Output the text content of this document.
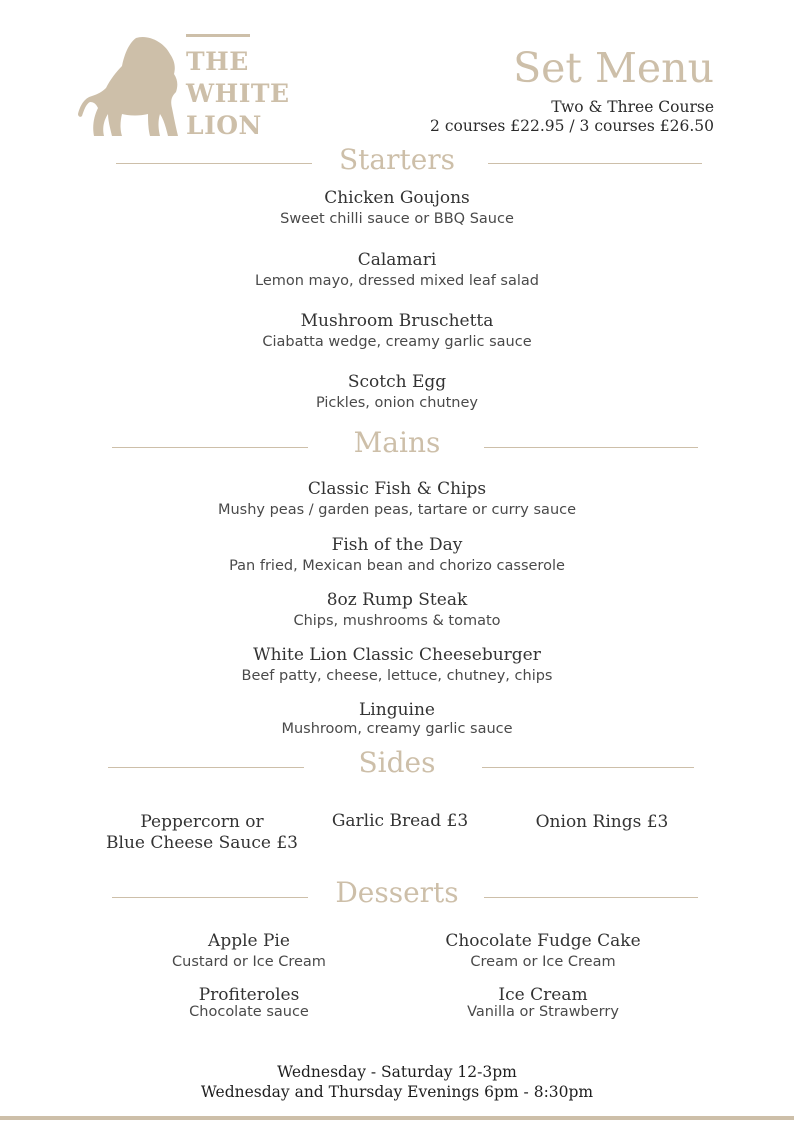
THE
WHITE
LION
Set Menu
Two & Three Course
2 courses £22.95 / 3 courses £26.50
Starters
Chicken Goujons
Sweet chilli sauce or BBQ Sauce
Calamari
Lemon mayo, dressed mixed leaf salad
Mushroom Bruschetta
Ciabatta wedge, creamy garlic sauce
Scotch Egg
Pickles, onion chutney
Mains
Classic Fish & Chips
Mushy peas / garden peas, tartare or curry sauce
Fish of the Day
Pan fried, Mexican bean and chorizo casserole
8oz Rump Steak
Chips, mushrooms & tomato
White Lion Classic Cheeseburger
Beef patty, cheese, lettuce, chutney, chips
Linguine
Mushroom, creamy garlic sauce
Sides
Peppercorn or
Blue Cheese Sauce £3
Garlic Bread £3	Onion Rings £3
Desserts
Apple Pie
Custard or Ice Cream
Chocolate Fudge Cake
Cream or Ice Cream
Profiteroles
Chocolate sauce
Ice Cream
Vanilla or Strawberry
Wednesday - Saturday 12-3pm
Wednesday and Thursday Evenings 6pm - 8:30pm
